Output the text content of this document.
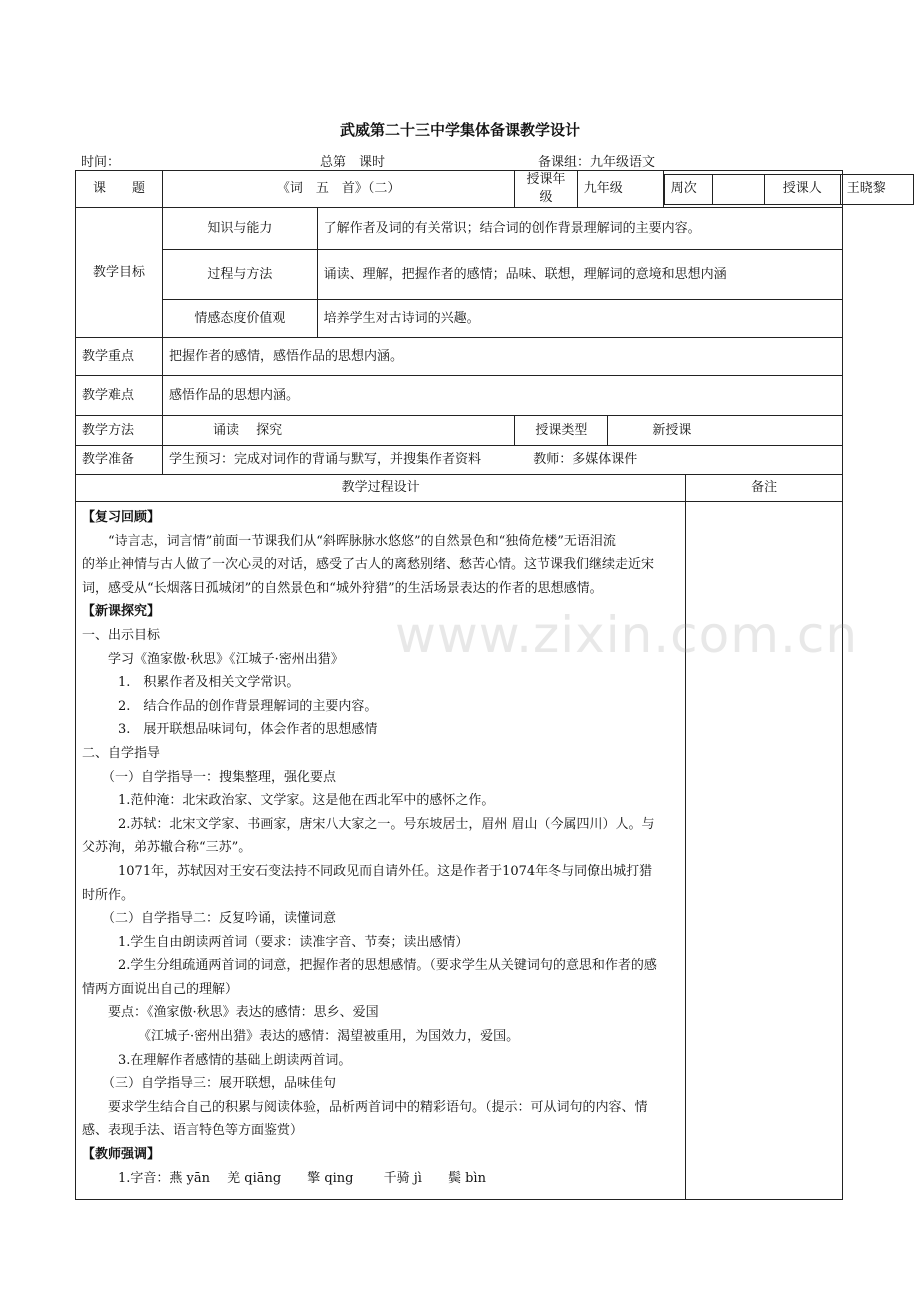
武威第二十三中学集体备课教学设计
时间：	总第　课时	备课组：九年级语文
课　　题	《词　五　首》（二）	授课年级	九年级		周次		授课人	王晓黎

教学目标	知识与能力	了解作者及词的有关常识；结合词的创作背景理解词的主要内容。
过程与方法	诵读、理解，把握作者的感情；品味、联想，理解词的意境和思想内涵
情感态度价值观	培养学生对古诗词的兴趣。
教学重点	把握作者的感情，感悟作品的思想内涵。
教学难点	感悟作品的思想内涵。
教学方法	诵读　 探究	授课类型	新授课
教学准备	学生预习：完成对词作的背诵与默写，并搜集作者资料	教师：多媒体课件
教学过程设计	备注

【复习回顾】

“诗言志，词言情”前面一节课我们从“斜晖脉脉水悠悠”的自然景色和“独倚危楼”无语泪流

的举止神情与古人做了一次心灵的对话，感受了古人的离愁别绪、愁苦心情。这节课我们继续走近宋

词，感受从“长烟落日孤城闭”的自然景色和“城外狩猎”的生活场景表达的作者的思想感情。

【新课探究】

一、出示目标

学习《渔家傲·秋思》《江城子·密州出猎》

1.　积累作者及相关文学常识。

2.　结合作品的创作背景理解词的主要内容。

3.　展开联想品味词句，体会作者的思想感情

二、自学指导

（一）自学指导一：搜集整理，强化要点

1.范仲淹：北宋政治家、文学家。这是他在西北军中的感怀之作。

2.苏轼：北宋文学家、书画家，唐宋八大家之一。号东坡居士，眉州 眉山（今属四川）人。与

父苏洵，弟苏辙合称“三苏”。

1071年，苏轼因对王安石变法持不同政见而自请外任。这是作者于1074年冬与同僚出城打猎

时所作。

（二）自学指导二：反复吟诵，读懂词意

1.学生自由朗读两首词（要求：读准字音、节奏；读出感情）

2.学生分组疏通两首词的词意，把握作者的思想感情。（要求学生从关键词句的意思和作者的感

情两方面说出自己的理解）

要点：《渔家傲·秋思》表达的感情：思乡、爱国

《江城子·密州出猎》表达的感情：渴望被重用，为国效力，爱国。

3.在理解作者感情的基础上朗读两首词。

（三）自学指导三：展开联想，品味佳句

要求学生结合自己的积累与阅读体验，品析两首词中的精彩语句。（提示：可从词句的内容、情

感、表现手法、语言特色等方面鉴赏）

【教师强调】

1.字音：燕 yān　 羌 qiāng　　擎 qing　　 千骑 jì　　鬓 bìn

www.zixin.com.cn
